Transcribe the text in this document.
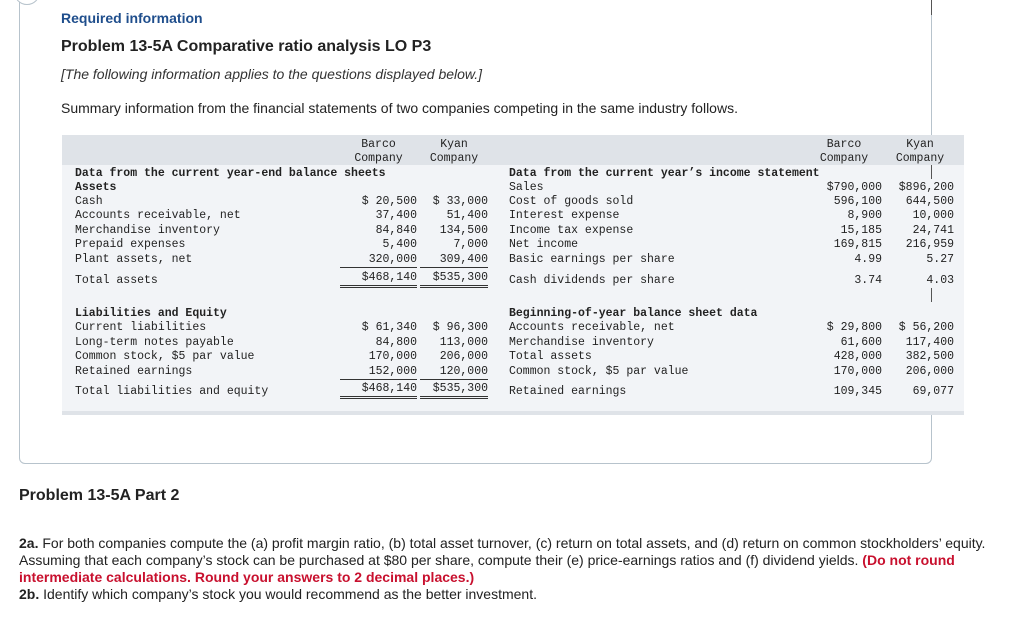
Required information
Problem 13-5A Comparative ratio analysis LO P3
[The following information applies to the questions displayed below.]
Summary information from the financial statements of two companies competing in the same industry follows.
Barco
Company
Kyan
Company
Barco
Company
Kyan
Company
Data from the current year-end balance sheets	Data from the current year’s income statement
Assets
Cash	$ 20,500	$ 33,000
Accounts receivable, net	37,400	51,400
Merchandise inventory	84,840	134,500
Prepaid expenses	5,400	7,000
Plant assets, net	320,000	309,400
Total assets	$468,140	$535,300
Sales	$790,000	$896,200
Cost of goods sold	596,100	644,500
Interest expense	8,900	10,000
Income tax expense	15,185	24,741
Net income	169,815	216,959
Basic earnings per share	4.99	5.27
Cash dividends per share	3.74	4.03
Liabilities and Equity
Current liabilities	$ 61,340	$ 96,300
Long-term notes payable	84,800	113,000
Common stock, $5 par value	170,000	206,000
Retained earnings	152,000	120,000
Total liabilities and equity	$468,140	$535,300
Beginning-of-year balance sheet data
Accounts receivable, net	$ 29,800	$ 56,200
Merchandise inventory	61,600	117,400
Total assets	428,000	382,500
Common stock, $5 par value	170,000	206,000
Retained earnings	109,345	69,077
Problem 13-5A Part 2
2a. For both companies compute the (a) profit margin ratio, (b) total asset turnover, (c) return on total assets, and (d) return on common stockholders’ equity. Assuming that each company’s stock can be purchased at $80 per share, compute their (e) price-earnings ratios and (f) dividend yields. (Do not round intermediate calculations. Round your answers to 2 decimal places.)
2b. Identify which company’s stock you would recommend as the better investment.
